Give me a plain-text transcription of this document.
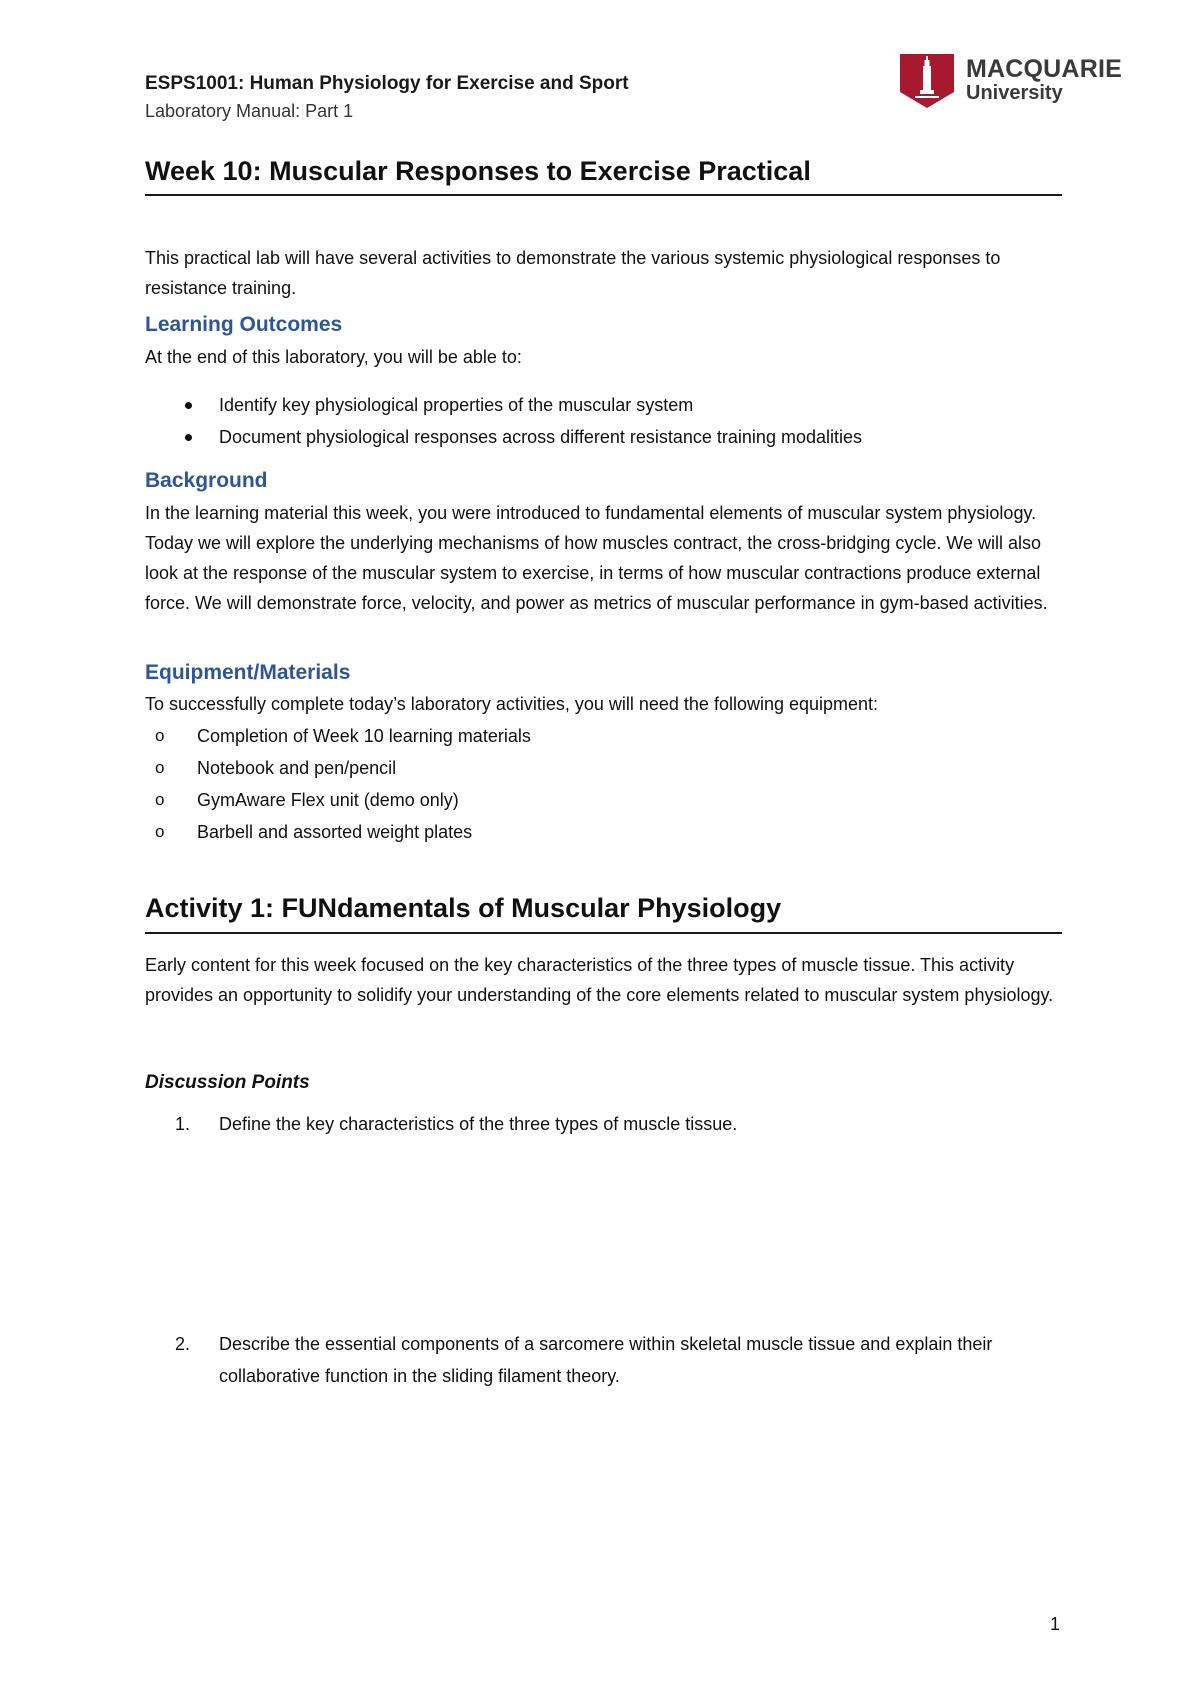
ESPS1001: Human Physiology for Exercise and Sport
Laboratory Manual: Part 1
MACQUARIE
University
Week 10: Muscular Responses to Exercise Practical

This practical lab will have several activities to demonstrate the various systemic physiological responses to resistance training.

Learning Outcomes

At the end of this laboratory, you will be able to:

Identify key physiological properties of the muscular system
Document physiological responses across different resistance training modalities
Background

In the learning material this week, you were introduced to fundamental elements of muscular system physiology. Today we will explore the underlying mechanisms of how muscles contract, the cross-bridging cycle. We will also look at the response of the muscular system to exercise, in terms of how muscular contractions produce external force. We will demonstrate force, velocity, and power as metrics of muscular performance in gym-based activities.

Equipment/Materials

To successfully complete today’s laboratory activities, you will need the following equipment:

o Completion of Week 10 learning materials
o Notebook and pen/pencil
o GymAware Flex unit (demo only)
o Barbell and assorted weight plates
Activity 1: FUNdamentals of Muscular Physiology

Early content for this week focused on the key characteristics of the three types of muscle tissue. This activity provides an opportunity to solidify your understanding of the core elements related to muscular system physiology.

Discussion Points
1. Define the key characteristics of the three types of muscle tissue.
2. Describe the essential components of a sarcomere within skeletal muscle tissue and explain their collaborative function in the sliding filament theory.
1
